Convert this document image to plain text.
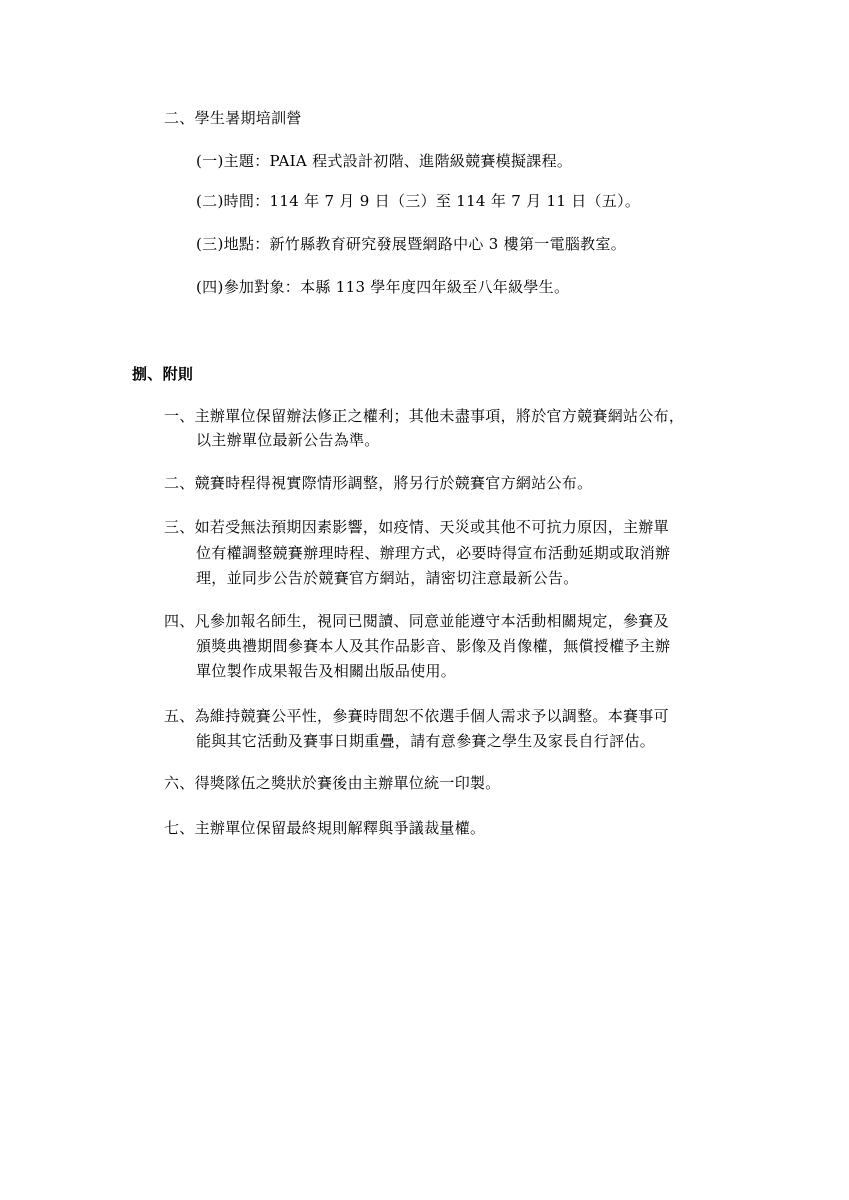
二、學生暑期培訓營
(一)主題：PAIA 程式設計初階、進階級競賽模擬課程。
(二)時間：114 年 7 月 9 日（三）至 114 年 7 月 11 日（五）。
(三)地點：新竹縣教育研究發展暨網路中心 3 樓第一電腦教室。
(四)參加對象：本縣 113 學年度四年級至八年級學生。
捌、附則
一、主辦單位保留辦法修正之權利；其他未盡事項，將於官方競賽網站公布，
以主辦單位最新公告為準。
二、競賽時程得視實際情形調整，將另行於競賽官方網站公布。
三、如若受無法預期因素影響，如疫情、天災或其他不可抗力原因，主辦單
位有權調整競賽辦理時程、辦理方式，必要時得宣布活動延期或取消辦
理，並同步公告於競賽官方網站，請密切注意最新公告。
四、凡參加報名師生，視同已閱讀、同意並能遵守本活動相關規定，參賽及
頒獎典禮期間參賽本人及其作品影音、影像及肖像權，無償授權予主辦
單位製作成果報告及相關出版品使用。
五、為維持競賽公平性，參賽時間恕不依選手個人需求予以調整。本賽事可
能與其它活動及賽事日期重疊，請有意參賽之學生及家長自行評估。
六、得獎隊伍之獎狀於賽後由主辦單位統一印製。
七、主辦單位保留最終規則解釋與爭議裁量權。
